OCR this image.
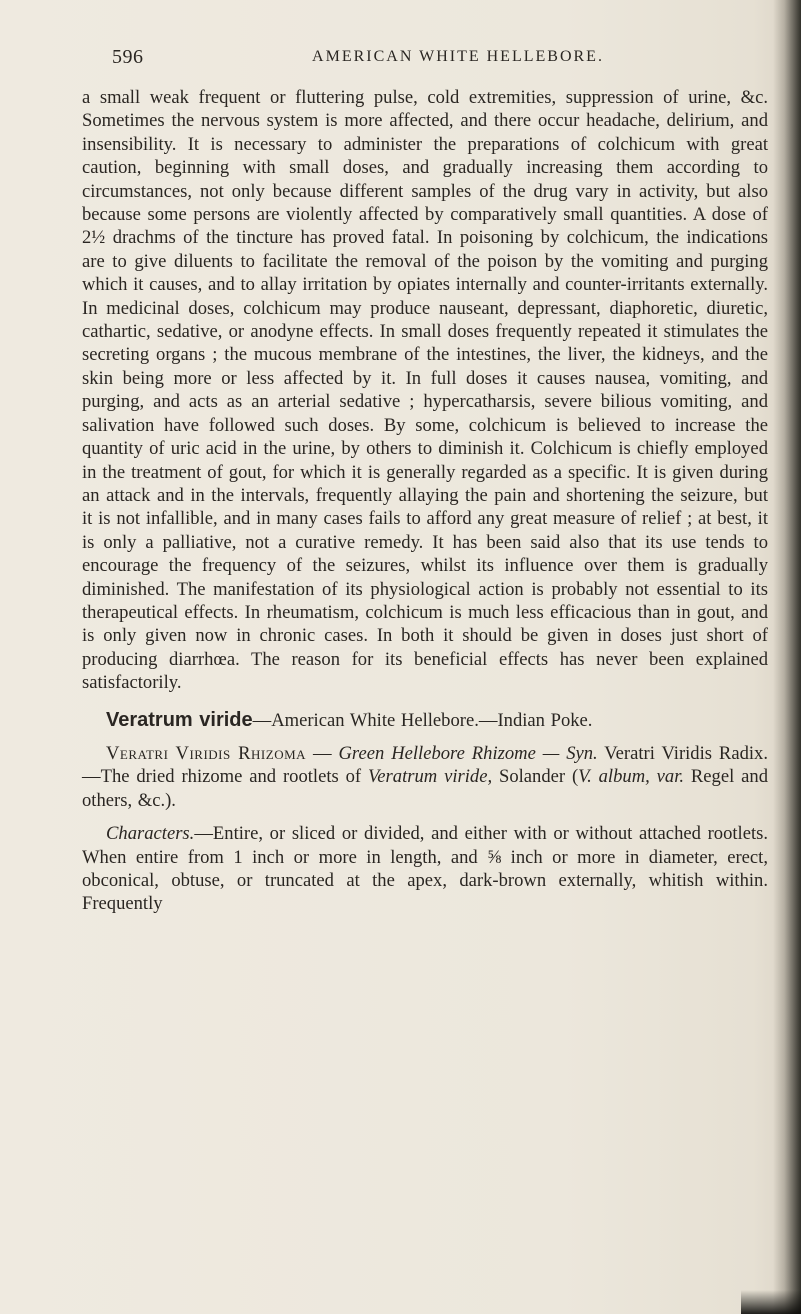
596	AMERICAN WHITE HELLEBORE.

a small weak frequent or fluttering pulse, cold extremities, suppression of urine, &c. Sometimes the nervous system is more affected, and there occur headache, delirium, and insensibility. It is necessary to administer the preparations of colchicum with great caution, beginning with small doses, and gradually increasing them according to circumstances, not only because different samples of the drug vary in activity, but also because some persons are violently affected by comparatively small quantities. A dose of 2½ drachms of the tincture has proved fatal. In poisoning by colchicum, the indications are to give diluents to facilitate the removal of the poison by the vomiting and purging which it causes, and to allay irritation by opiates internally and counter-irritants externally. In medicinal doses, colchicum may produce nauseant, depressant, diaphoretic, diuretic, cathartic, sedative, or anodyne effects. In small doses frequently repeated it stimulates the secreting organs ; the mucous membrane of the intestines, the liver, the kidneys, and the skin being more or less affected by it. In full doses it causes nausea, vomiting, and purging, and acts as an arterial sedative ; hypercatharsis, severe bilious vomiting, and salivation have followed such doses. By some, colchicum is believed to increase the quantity of uric acid in the urine, by others to diminish it. Colchicum is chiefly employed in the treatment of gout, for which it is generally regarded as a specific. It is given during an attack and in the intervals, frequently allaying the pain and shortening the seizure, but it is not infallible, and in many cases fails to afford any great measure of relief ; at best, it is only a palliative, not a curative remedy. It has been said also that its use tends to encourage the frequency of the seizures, whilst its influence over them is gradually diminished. The manifestation of its physiological action is probably not essential to its therapeutical effects. In rheumatism, colchicum is much less efficacious than in gout, and is only given now in chronic cases. In both it should be given in doses just short of producing diarrhœa. The reason for its beneficial effects has never been explained satisfactorily.

Veratrum viride—American White Hellebore.—Indian Poke.

Veratri Viridis Rhizoma — Green Hellebore Rhizome — Syn. Veratri Viridis Radix.—The dried rhizome and rootlets of Veratrum viride, Solander (V. album, var. Regel and others, &c.).

Characters.—Entire, or sliced or divided, and either with or without attached rootlets. When entire from 1 inch or more in length, and ⅝ inch or more in diameter, erect, obconical, obtuse, or truncated at the apex, dark-brown externally, whitish within. Frequently
